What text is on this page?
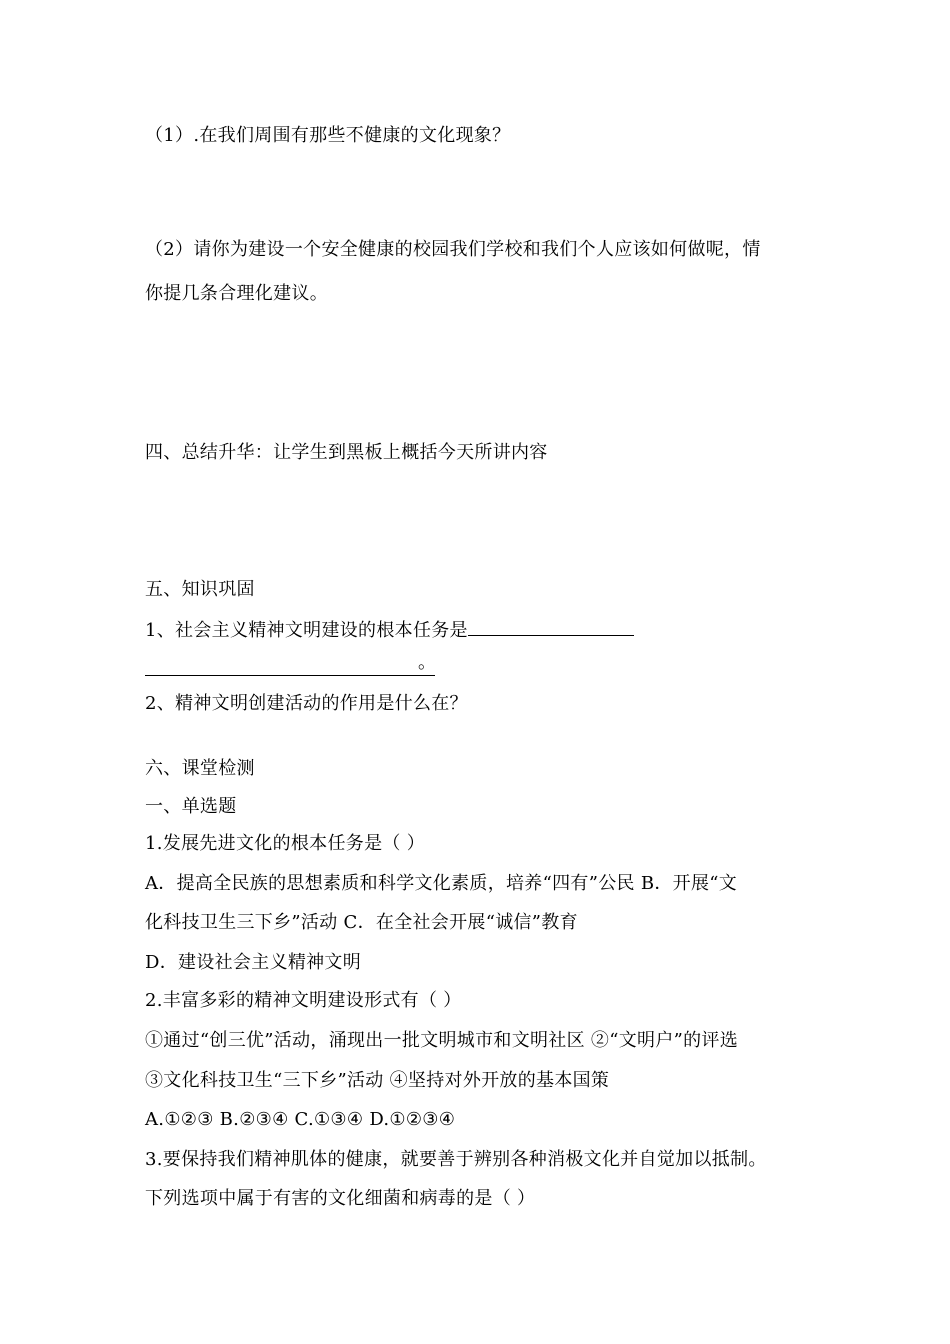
（1）.在我们周围有那些不健康的文化现象？
（2）请你为建设一个安全健康的校园我们学校和我们个人应该如何做呢，情
你提几条合理化建议。
四、总结升华：让学生到黑板上概括今天所讲内容
五、知识巩固
1、社会主义精神文明建设的根本任务是
。
2、精神文明创建活动的作用是什么在？
六、课堂检测
一、单选题
1.发展先进文化的根本任务是（ ）
A．提高全民族的思想素质和科学文化素质，培养“四有”公民 B．开展“文
化科技卫生三下乡”活动 C．在全社会开展“诚信”教育
D．建设社会主义精神文明
2.丰富多彩的精神文明建设形式有（ ）
①通过“创三优”活动，涌现出一批文明城市和文明社区 ②“文明户”的评选
③文化科技卫生“三下乡”活动 ④坚持对外开放的基本国策
A.①②③ B.②③④ C.①③④ D.①②③④
3.要保持我们精神肌体的健康，就要善于辨别各种消极文化并自觉加以抵制。
下列选项中属于有害的文化细菌和病毒的是（ ）
